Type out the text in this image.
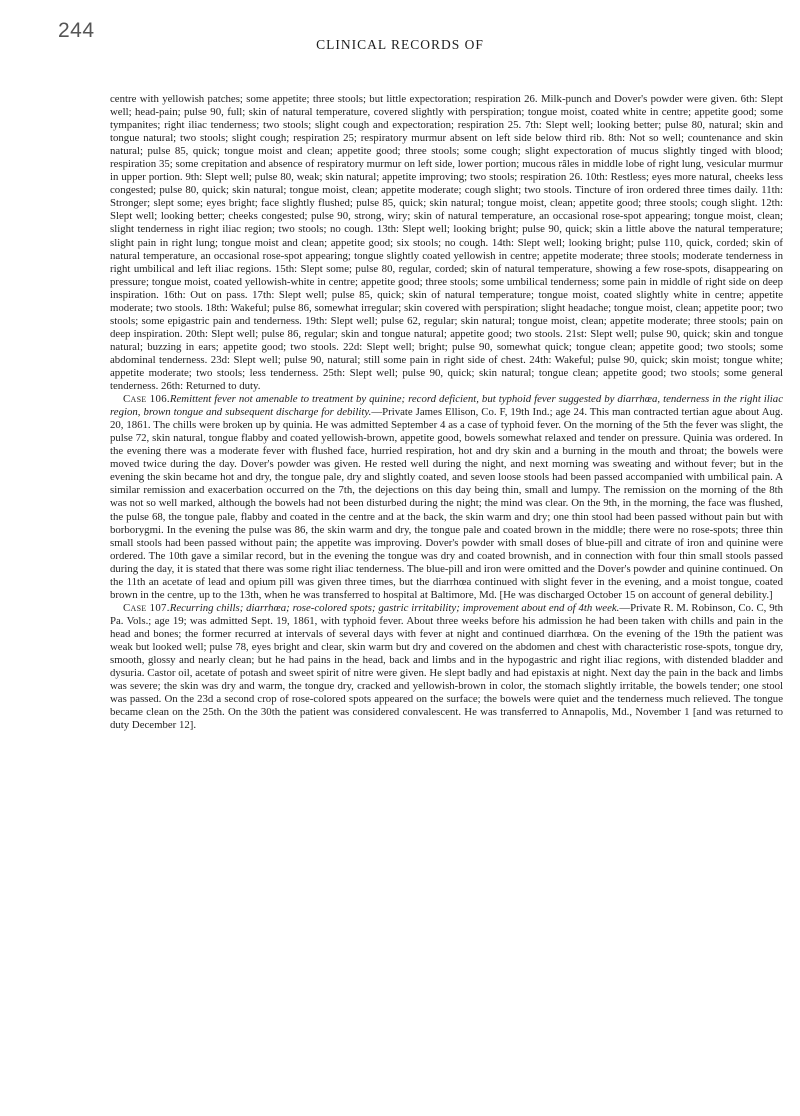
244
CLINICAL RECORDS OF

centre with yellowish patches; some appetite; three stools; but little expectoration; respiration 26. Milk-punch and Dover's powder were given. 6th: Slept well; head-pain; pulse 90, full; skin of natural temperature, covered slightly with perspiration; tongue moist, coated white in centre; appetite good; some tympanites; right iliac tenderness; two stools; slight cough and expectoration; respiration 25. 7th: Slept well; looking better; pulse 80, natural; skin and tongue natural; two stools; slight cough; respiration 25; respiratory murmur absent on left side below third rib. 8th: Not so well; countenance and skin natural; pulse 85, quick; tongue moist and clean; appetite good; three stools; some cough; slight expectoration of mucus slightly tinged with blood; respiration 35; some crepitation and absence of respiratory murmur on left side, lower portion; mucous râles in middle lobe of right lung, vesicular murmur in upper portion. 9th: Slept well; pulse 80, weak; skin natural; appetite improving; two stools; respiration 26. 10th: Restless; eyes more natural, cheeks less congested; pulse 80, quick; skin natural; tongue moist, clean; appetite moderate; cough slight; two stools. Tincture of iron ordered three times daily. 11th: Stronger; slept some; eyes bright; face slightly flushed; pulse 85, quick; skin natural; tongue moist, clean; appetite good; three stools; cough slight. 12th: Slept well; looking better; cheeks congested; pulse 90, strong, wiry; skin of natural temperature, an occasional rose-spot appearing; tongue moist, clean; slight tenderness in right iliac region; two stools; no cough. 13th: Slept well; looking bright; pulse 90, quick; skin a little above the natural temperature; slight pain in right lung; tongue moist and clean; appetite good; six stools; no cough. 14th: Slept well; looking bright; pulse 110, quick, corded; skin of natural temperature, an occasional rose-spot appearing; tongue slightly coated yellowish in centre; appetite moderate; three stools; moderate tenderness in right umbilical and left iliac regions. 15th: Slept some; pulse 80, regular, corded; skin of natural temperature, showing a few rose-spots, disappearing on pressure; tongue moist, coated yellowish-white in centre; appetite good; three stools; some umbilical tenderness; some pain in middle of right side on deep inspiration. 16th: Out on pass. 17th: Slept well; pulse 85, quick; skin of natural temperature; tongue moist, coated slightly white in centre; appetite moderate; two stools. 18th: Wakeful; pulse 86, somewhat irregular; skin covered with perspiration; slight headache; tongue moist, clean; appetite poor; two stools; some epigastric pain and tenderness. 19th: Slept well; pulse 62, regular; skin natural; tongue moist, clean; appetite moderate; three stools; pain on deep inspiration. 20th: Slept well; pulse 86, regular; skin and tongue natural; appetite good; two stools. 21st: Slept well; pulse 90, quick; skin and tongue natural; buzzing in ears; appetite good; two stools. 22d: Slept well; bright; pulse 90, somewhat quick; tongue clean; appetite good; two stools; some abdominal tenderness. 23d: Slept well; pulse 90, natural; still some pain in right side of chest. 24th: Wakeful; pulse 90, quick; skin moist; tongue white; appetite moderate; two stools; less tenderness. 25th: Slept well; pulse 90, quick; skin natural; tongue clean; appetite good; two stools; some general tenderness. 26th: Returned to duty.

Case 106.Remittent fever not amenable to treatment by quinine; record deficient, but typhoid fever suggested by diarrhœa, tenderness in the right iliac region, brown tongue and subsequent discharge for debility.—Private James Ellison, Co. F, 19th Ind.; age 24. This man contracted tertian ague about Aug. 20, 1861. The chills were broken up by quinia. He was admitted September 4 as a case of typhoid fever. On the morning of the 5th the fever was slight, the pulse 72, skin natural, tongue flabby and coated yellowish-brown, appetite good, bowels somewhat relaxed and tender on pressure. Quinia was ordered. In the evening there was a moderate fever with flushed face, hurried respiration, hot and dry skin and a burning in the mouth and throat; the bowels were moved twice during the day. Dover's powder was given. He rested well during the night, and next morning was sweating and without fever; but in the evening the skin became hot and dry, the tongue pale, dry and slightly coated, and seven loose stools had been passed accompanied with umbilical pain. A similar remission and exacerbation occurred on the 7th, the dejections on this day being thin, small and lumpy. The remission on the morning of the 8th was not so well marked, although the bowels had not been disturbed during the night; the mind was clear. On the 9th, in the morning, the face was flushed, the pulse 68, the tongue pale, flabby and coated in the centre and at the back, the skin warm and dry; one thin stool had been passed without pain but with borborygmi. In the evening the pulse was 86, the skin warm and dry, the tongue pale and coated brown in the middle; there were no rose-spots; three thin small stools had been passed without pain; the appetite was improving. Dover's powder with small doses of blue-pill and citrate of iron and quinine were ordered. The 10th gave a similar record, but in the evening the tongue was dry and coated brownish, and in connection with four thin small stools passed during the day, it is stated that there was some right iliac tenderness. The blue-pill and iron were omitted and the Dover's powder and quinine continued. On the 11th an acetate of lead and opium pill was given three times, but the diarrhœa continued with slight fever in the evening, and a moist tongue, coated brown in the centre, up to the 13th, when he was transferred to hospital at Baltimore, Md. [He was discharged October 15 on account of general debility.]

Case 107.Recurring chills; diarrhœa; rose-colored spots; gastric irritability; improvement about end of 4th week.—Private R. M. Robinson, Co. C, 9th Pa. Vols.; age 19; was admitted Sept. 19, 1861, with typhoid fever. About three weeks before his admission he had been taken with chills and pain in the head and bones; the former recurred at intervals of several days with fever at night and continued diarrhœa. On the evening of the 19th the patient was weak but looked well; pulse 78, eyes bright and clear, skin warm but dry and covered on the abdomen and chest with characteristic rose-spots, tongue dry, smooth, glossy and nearly clean; but he had pains in the head, back and limbs and in the hypogastric and right iliac regions, with distended bladder and dysuria. Castor oil, acetate of potash and sweet spirit of nitre were given. He slept badly and had epistaxis at night. Next day the pain in the back and limbs was severe; the skin was dry and warm, the tongue dry, cracked and yellowish-brown in color, the stomach slightly irritable, the bowels tender; one stool was passed. On the 23d a second crop of rose-colored spots appeared on the surface; the bowels were quiet and the tenderness much relieved. The tongue became clean on the 25th. On the 30th the patient was considered convalescent. He was transferred to Annapolis, Md., November 1 [and was returned to duty December 12].
